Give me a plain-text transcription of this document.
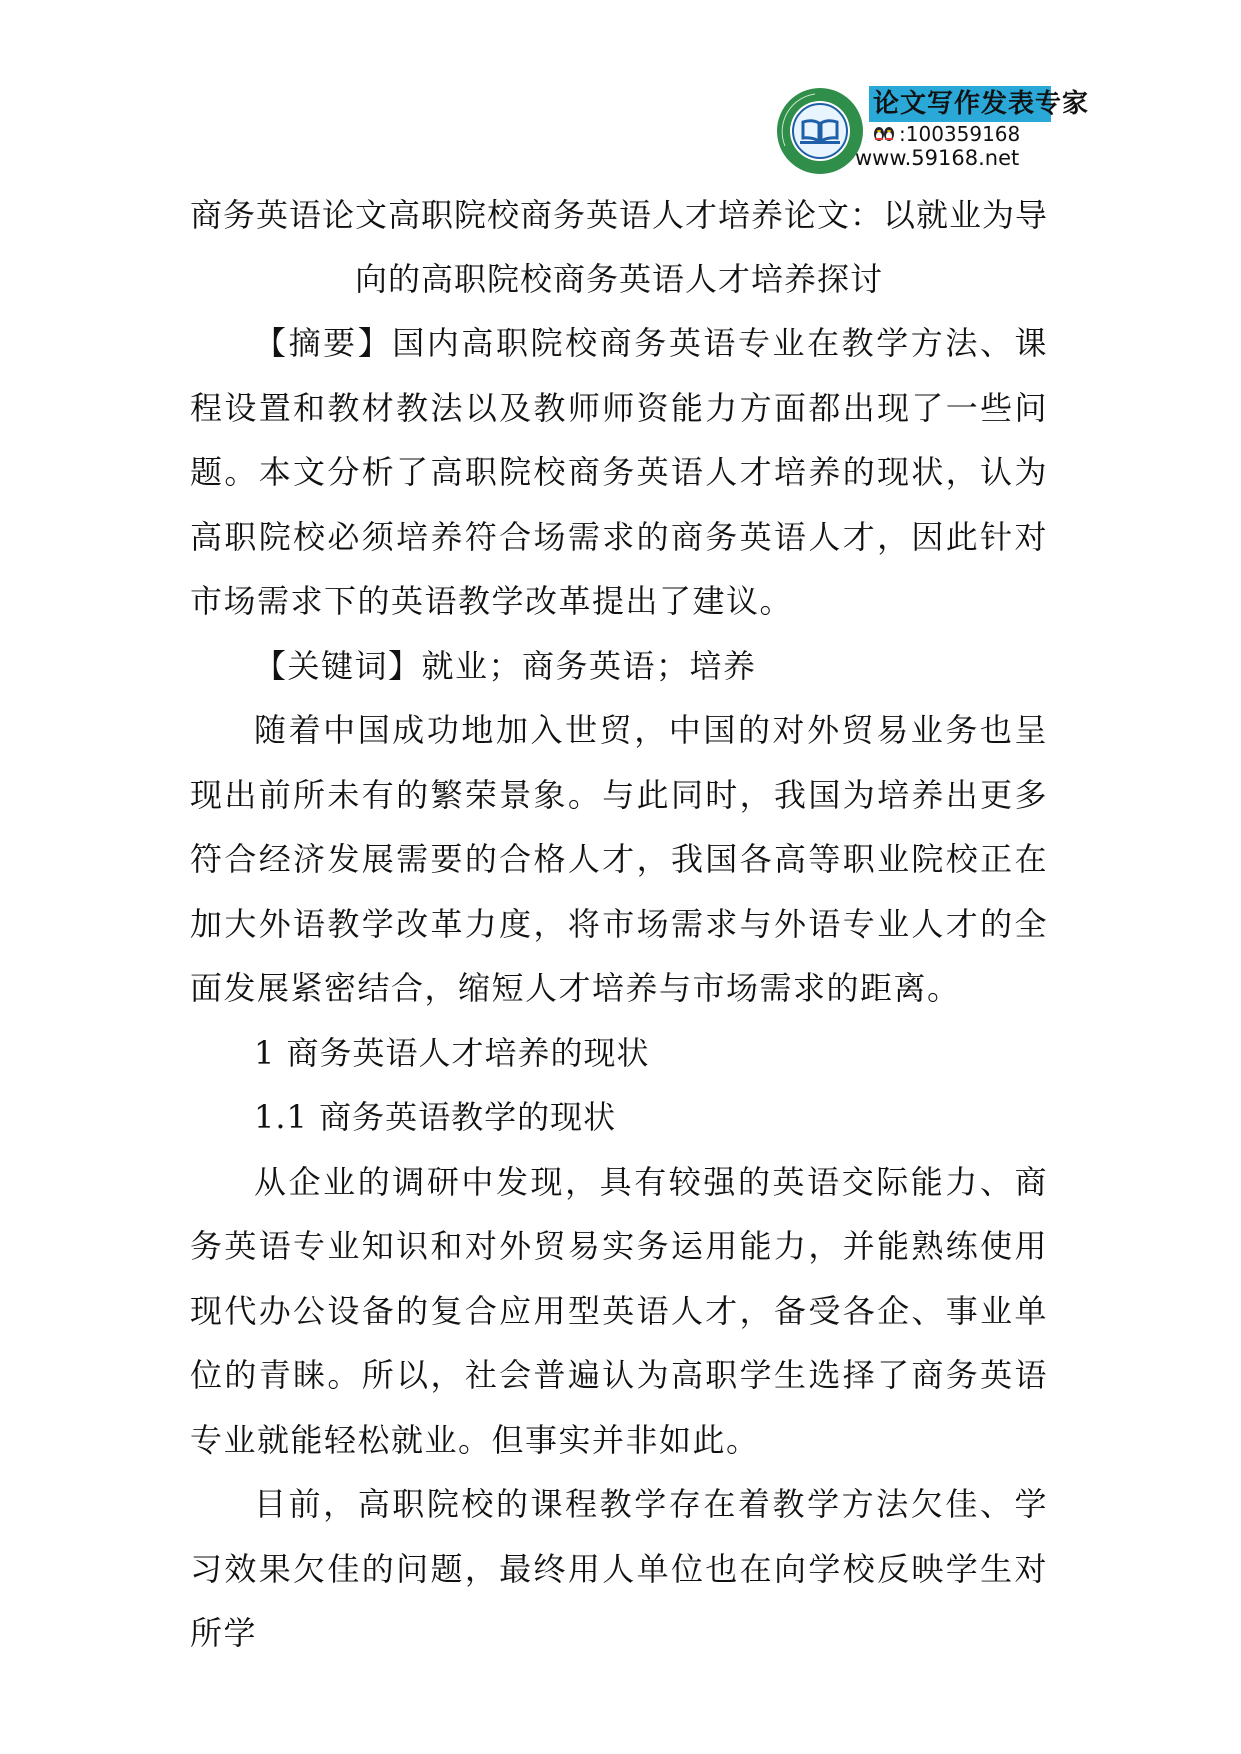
论文写作发表专家
:100359168
www.59168.net
商务英语论文高职院校商务英语人才培养论文：以就业为导向的高职院校商务英语人才培养探讨

【摘要】国内高职院校商务英语专业在教学方法、课程设置和教材教法以及教师师资能力方面都出现了一些问题。本文分析了高职院校商务英语人才培养的现状，认为高职院校必须培养符合场需求的商务英语人才，因此针对市场需求下的英语教学改革提出了建议。

【关键词】就业；商务英语；培养

随着中国成功地加入世贸，中国的对外贸易业务也呈现出前所未有的繁荣景象。与此同时，我国为培养出更多符合经济发展需要的合格人才，我国各高等职业院校正在加大外语教学改革力度，将市场需求与外语专业人才的全面发展紧密结合，缩短人才培养与市场需求的距离。

1 商务英语人才培养的现状

1.1 商务英语教学的现状

从企业的调研中发现，具有较强的英语交际能力、商务英语专业知识和对外贸易实务运用能力，并能熟练使用现代办公设备的复合应用型英语人才，备受各企、事业单位的青睐。所以，社会普遍认为高职学生选择了商务英语专业就能轻松就业。但事实并非如此。

目前，高职院校的课程教学存在着教学方法欠佳、学习效果欠佳的问题，最终用人单位也在向学校反映学生对所学
